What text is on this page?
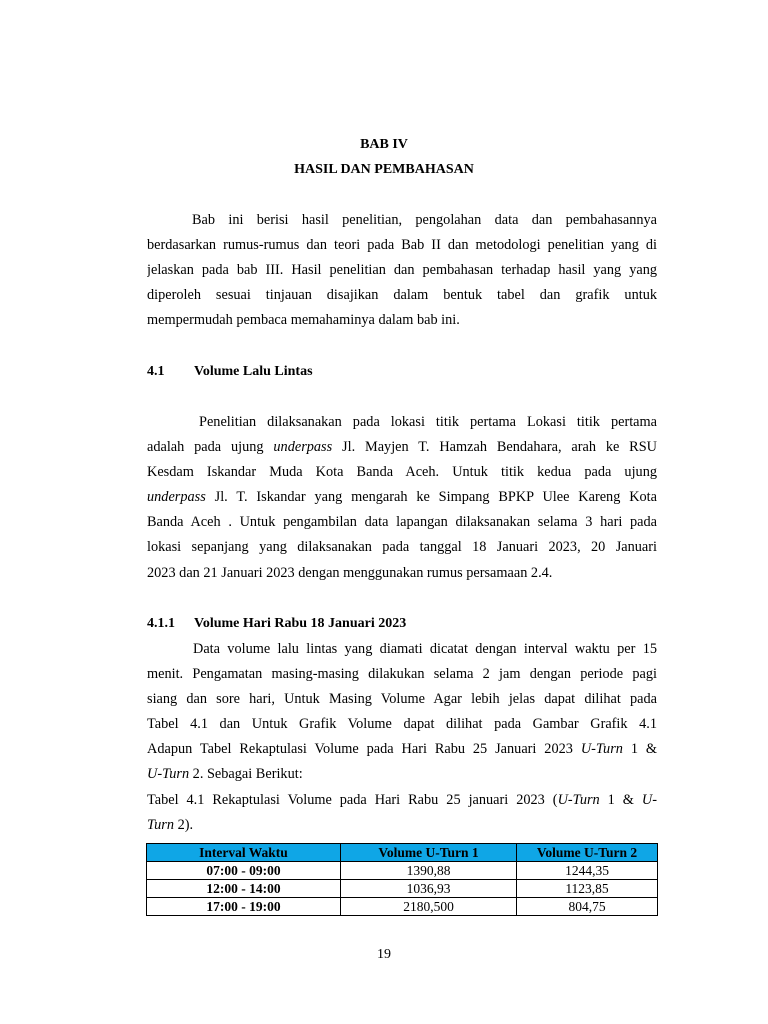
BAB IV
HASIL DAN PEMBAHASAN
Bab ini berisi hasil penelitian, pengolahan data dan pembahasannya
berdasarkan rumus-rumus dan teori pada Bab II dan metodologi penelitian yang di
jelaskan pada bab III. Hasil penelitian dan pembahasan terhadap hasil yang yang
diperoleh sesuai tinjauan disajikan dalam bentuk tabel dan grafik untuk
mempermudah pembaca memahaminya dalam bab ini.
4.1 Volume Lalu Lintas
Penelitian dilaksanakan pada lokasi titik pertama Lokasi titik pertama
adalah pada ujung underpass Jl. Mayjen T. Hamzah Bendahara, arah ke RSU
Kesdam Iskandar Muda Kota Banda Aceh. Untuk titik kedua pada ujung
underpass Jl. T. Iskandar yang mengarah ke Simpang BPKP Ulee Kareng Kota
Banda Aceh . Untuk pengambilan data lapangan dilaksanakan selama 3 hari pada
lokasi sepanjang yang dilaksanakan pada tanggal 18 Januari 2023, 20 Januari
2023 dan 21 Januari 2023 dengan menggunakan rumus persamaan 2.4.
4.1.1 Volume Hari Rabu 18 Januari 2023
Data volume lalu lintas yang diamati dicatat dengan interval waktu per 15
menit. Pengamatan masing-masing dilakukan selama 2 jam dengan periode pagi
siang dan sore hari, Untuk Masing Volume Agar lebih jelas dapat dilihat pada
Tabel 4.1 dan Untuk Grafik Volume dapat dilihat pada Gambar Grafik 4.1
Adapun Tabel Rekaptulasi Volume pada Hari Rabu 25 Januari 2023 U-Turn 1 &
U-Turn 2. Sebagai Berikut:
Tabel 4.1 Rekaptulasi Volume pada Hari Rabu 25 januari 2023 (U-Turn 1 & U-
Turn 2).
Interval Waktu	Volume U-Turn 1	Volume U-Turn 2
07:00 - 09:00	1390,88	1244,35
12:00 - 14:00	1036,93	1123,85
17:00 - 19:00	2180,500	804,75
19
